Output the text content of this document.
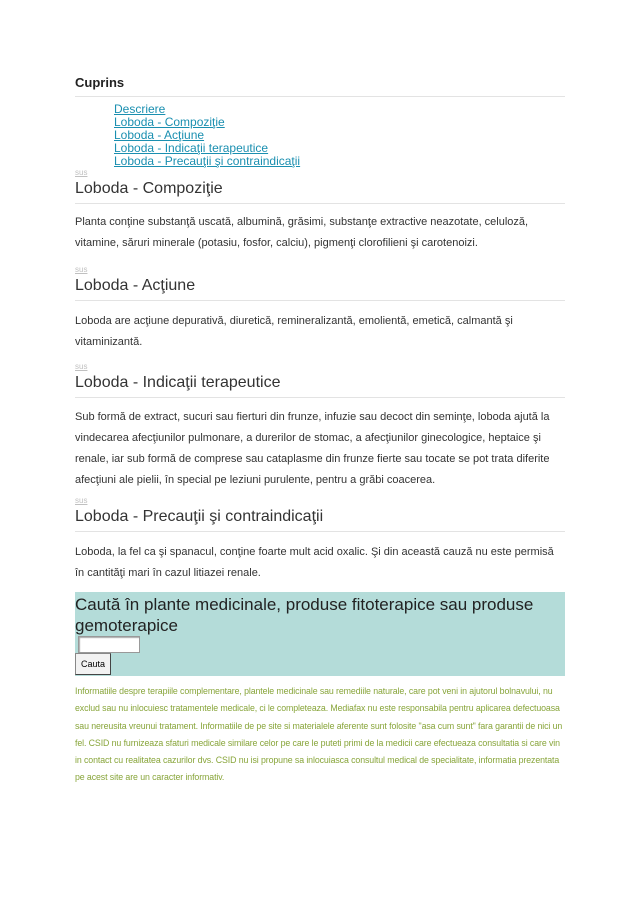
Cuprins
Descriere
Loboda - Compoziţie
Loboda - Acţiune
Loboda - Indicaţii terapeutice
Loboda - Precauţii şi contraindicaţii
sus
Loboda - Compoziţie

Planta conţine substanţă uscată, albumină, grăsimi, substanţe extractive neazotate, celuloză, vitamine, săruri minerale (potasiu, fosfor, calciu), pigmenţi clorofilieni şi carotenoizi.

sus
Loboda - Acţiune

Loboda are acţiune depurativă, diuretică, remineralizantă, emolientă, emetică, calmantă şi vitaminizantă.

sus
Loboda - Indicaţii terapeutice

Sub formă de extract, sucuri sau fierturi din frunze, infuzie sau decoct din seminţe, loboda ajută la vindecarea afecţiunilor pulmonare, a durerilor de stomac, a afecţiunilor ginecologice, heptaice şi renale, iar sub formă de comprese sau cataplasme din frunze fierte sau tocate se pot trata diferite afecţiuni ale pielii, în special pe leziuni purulente, pentru a grăbi coacerea.

sus
Loboda - Precauţii şi contraindicaţii

Loboda, la fel ca şi spanacul, conţine foarte mult acid oxalic. Şi din această cauză nu este permisă în cantităţi mari în cazul litiazei renale.

Caută în plante medicinale, produse fitoterapice sau produse gemoterapice

Cauta

Informatiile despre terapiile complementare, plantele medicinale sau remediile naturale, care pot veni in ajutorul bolnavului, nu exclud sau nu inlocuiesc tratamentele medicale, ci le completeaza. Mediafax nu este responsabila pentru aplicarea defectuoasa sau nereusita vreunui tratament. Informatiile de pe site si materialele aferente sunt folosite "asa cum sunt" fara garantii de nici un fel. CSID nu furnizeaza sfaturi medicale similare celor pe care le puteti primi de la medicii care efectueaza consultatia si care vin in contact cu realitatea cazurilor dvs. CSID nu isi propune sa inlocuiasca consultul medical de specialitate, informatia prezentata pe acest site are un caracter informativ.
